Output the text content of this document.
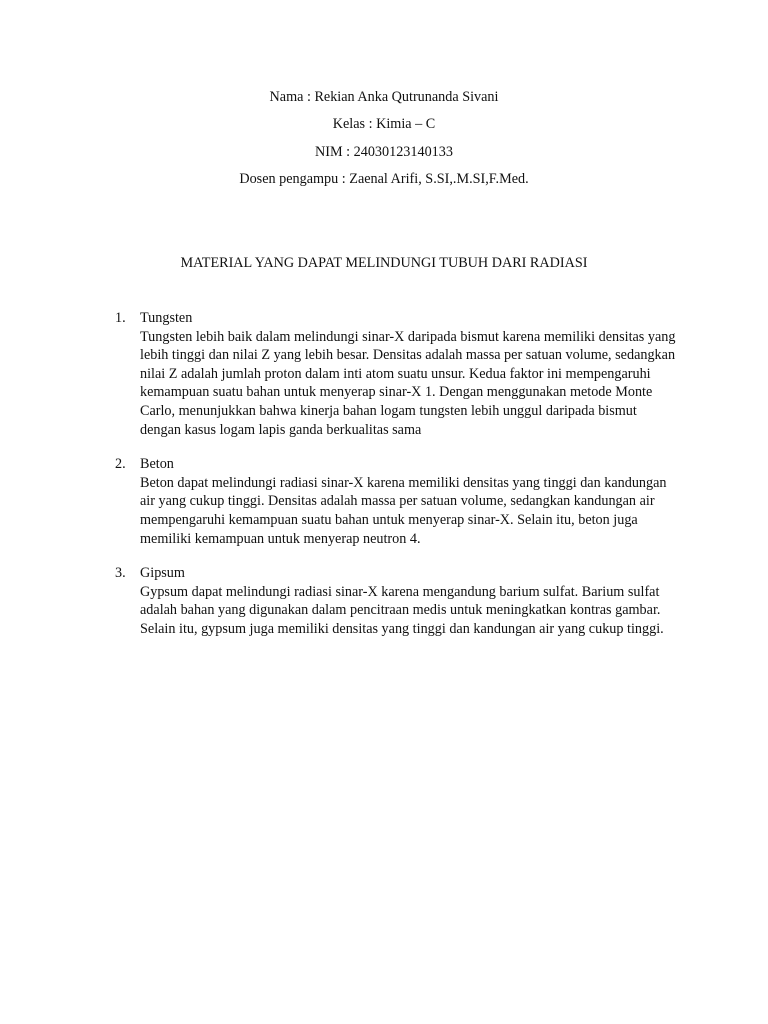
Nama : Rekian Anka Qutrunanda Sivani
Kelas : Kimia – C
NIM : 24030123140133
Dosen pengampu : Zaenal Arifi, S.SI,.M.SI,F.Med.
MATERIAL YANG DAPAT MELINDUNGI TUBUH DARI RADIASI
1. Tungsten
Tungsten lebih baik dalam melindungi sinar-X daripada bismut karena memiliki densitas yang lebih tinggi dan nilai Z yang lebih besar. Densitas adalah massa per satuan volume, sedangkan nilai Z adalah jumlah proton dalam inti atom suatu unsur. Kedua faktor ini mempengaruhi kemampuan suatu bahan untuk menyerap sinar-X 1. Dengan menggunakan metode Monte Carlo, menunjukkan bahwa kinerja bahan logam tungsten lebih unggul daripada bismut dengan kasus logam lapis ganda berkualitas sama
2. Beton
Beton dapat melindungi radiasi sinar-X karena memiliki densitas yang tinggi dan kandungan air yang cukup tinggi. Densitas adalah massa per satuan volume, sedangkan kandungan air mempengaruhi kemampuan suatu bahan untuk menyerap sinar-X. Selain itu, beton juga memiliki kemampuan untuk menyerap neutron 4.
3. Gipsum
Gypsum dapat melindungi radiasi sinar-X karena mengandung barium sulfat. Barium sulfat adalah bahan yang digunakan dalam pencitraan medis untuk meningkatkan kontras gambar. Selain itu, gypsum juga memiliki densitas yang tinggi dan kandungan air yang cukup tinggi.
